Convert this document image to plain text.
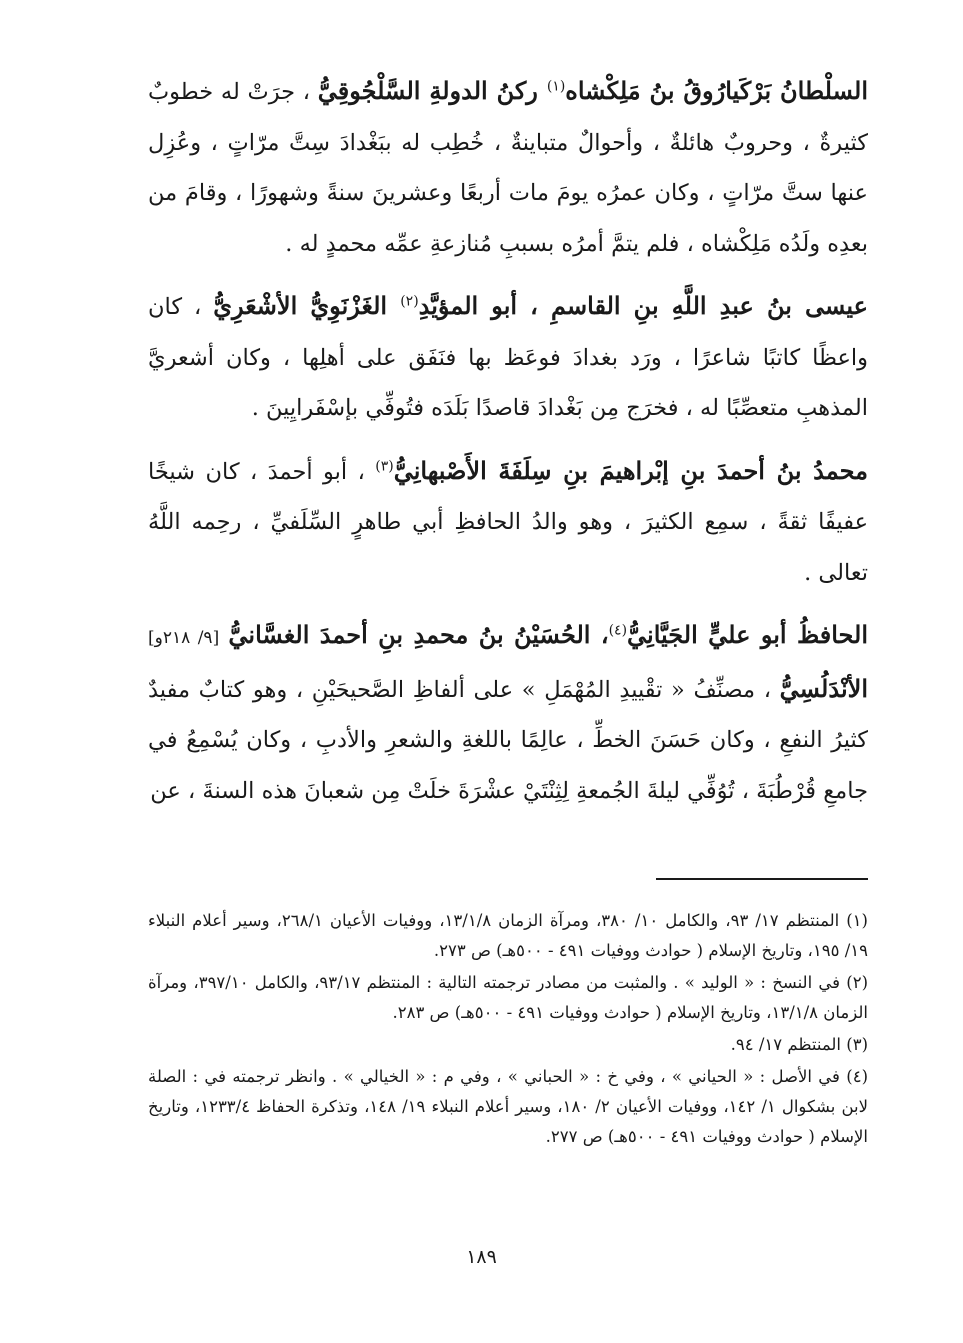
السلْطانُ بَرْكَيارُوقُ بنُ مَلِكْشاه$^{(١)}$ ركنُ الدولةِ السَّلْجُوقِيُّ ، جرَتْ له خطوبٌ كثيرةٌ ، وحروبٌ هائلةٌ ، وأحوالٌ متباينةٌ ، خُطِب له ببَغْدادَ سِتَّ مرّاتٍ ، وعُزِل عنها ستَّ مرّاتٍ ، وكان عمرُه يومَ مات أربعًا وعشرينَ سنةً وشهورًا ، وقامَ من بعدِه ولَدُه مَلِكْشاه ، فلم يتمَّ أمرُه بسببِ مُنازعةِ عمِّه محمدٍ له .

عيسى بنُ عبدِ اللَّهِ بنِ القاسمِ ، أبو المؤيَّدِ$^{(٢)}$ الغَزْنَوِيُّ الأشْعَرِيُّ ، كان واعظًا كاتبًا شاعرًا ، ورَد بغدادَ فوعَظ بها فنَفَق على أهلِها ، وكان أشعريَّ المذهبِ متعصِّبًا له ، فخرَج مِن بَغْدادَ قاصدًا بَلَدَه فتُوفِّي بإسْفَرايِينَ .

محمدُ بنُ أحمدَ بنِ إبْراهيمَ بنِ سِلَفَةَ الأَصْبهانِيُّ$^{(٣)}$ ، أبو أحمدَ ، كان شيخًا عفيفًا ثقةً ، سمِع الكثيرَ ، وهو والدُ الحافظِ أبي طاهرٍ السِّلَفيِّ ، رحِمه اللَّهُ تعالى .

الحافظُ أبو عليٍّ الجَيَّانِيُّ$^{(٤)}$، الحُسَيْنُ بنُ محمدِ بنِ أحمدَ الغسَّانيُّ [٩/ ٢١٨و] الأنْدَلُسِيُّ ، مصنِّفُ « تقْييدِ المُهْمَلِ » على ألفاظِ الصَّحيحَيْنِ ، وهو كتابٌ مفيدٌ كثيرُ النفعِ ، وكان حَسَنَ الخطِّ ، عالِمًا باللغةِ والشعرِ والأدبِ ، وكان يُسْمِعُ في جامعِ قُرْطُبَةَ ، تُوُفِّي ليلةَ الجُمعةِ لِثِنْتَيْ عشْرَةَ خلَتْ مِن شعبانَ هذه السنةَ ، عن

(١) المنتظم ١٧/ ٩٣، والكامل ١٠/ ٣٨٠، ومرآة الزمان ١٣/١/٨، ووفيات الأعيان ٢٦٨/١، وسير أعلام النبلاء ١٩/ ١٩٥، وتاريخ الإسلام ( حوادث ووفيات ٤٩١ - ٥٠٠هـ) ص ٢٧٣.

(٢) في النسخ : « الوليد » . والمثبت من مصادر ترجمته التالية : المنتظم ٩٣/١٧، والكامل ٣٩٧/١٠، ومرآة الزمان ١٣/١/٨، وتاريخ الإسلام ( حوادث ووفيات ٤٩١ - ٥٠٠هـ) ص ٢٨٣.

(٣) المنتظم ١٧/ ٩٤.

(٤) في الأصل : « الحياني » ، وفي خ : « الحباني » ، وفي م : « الخيالي » . وانظر ترجمته في : الصلة لابن بشكوال ١/ ١٤٢، ووفيات الأعيان ٢/ ١٨٠، وسير أعلام النبلاء ١٩/ ١٤٨، وتذكرة الحفاظ ١٢٣٣/٤، وتاريخ الإسلام ( حوادث ووفيات ٤٩١ - ٥٠٠هـ) ص ٢٧٧.

١٨٩
